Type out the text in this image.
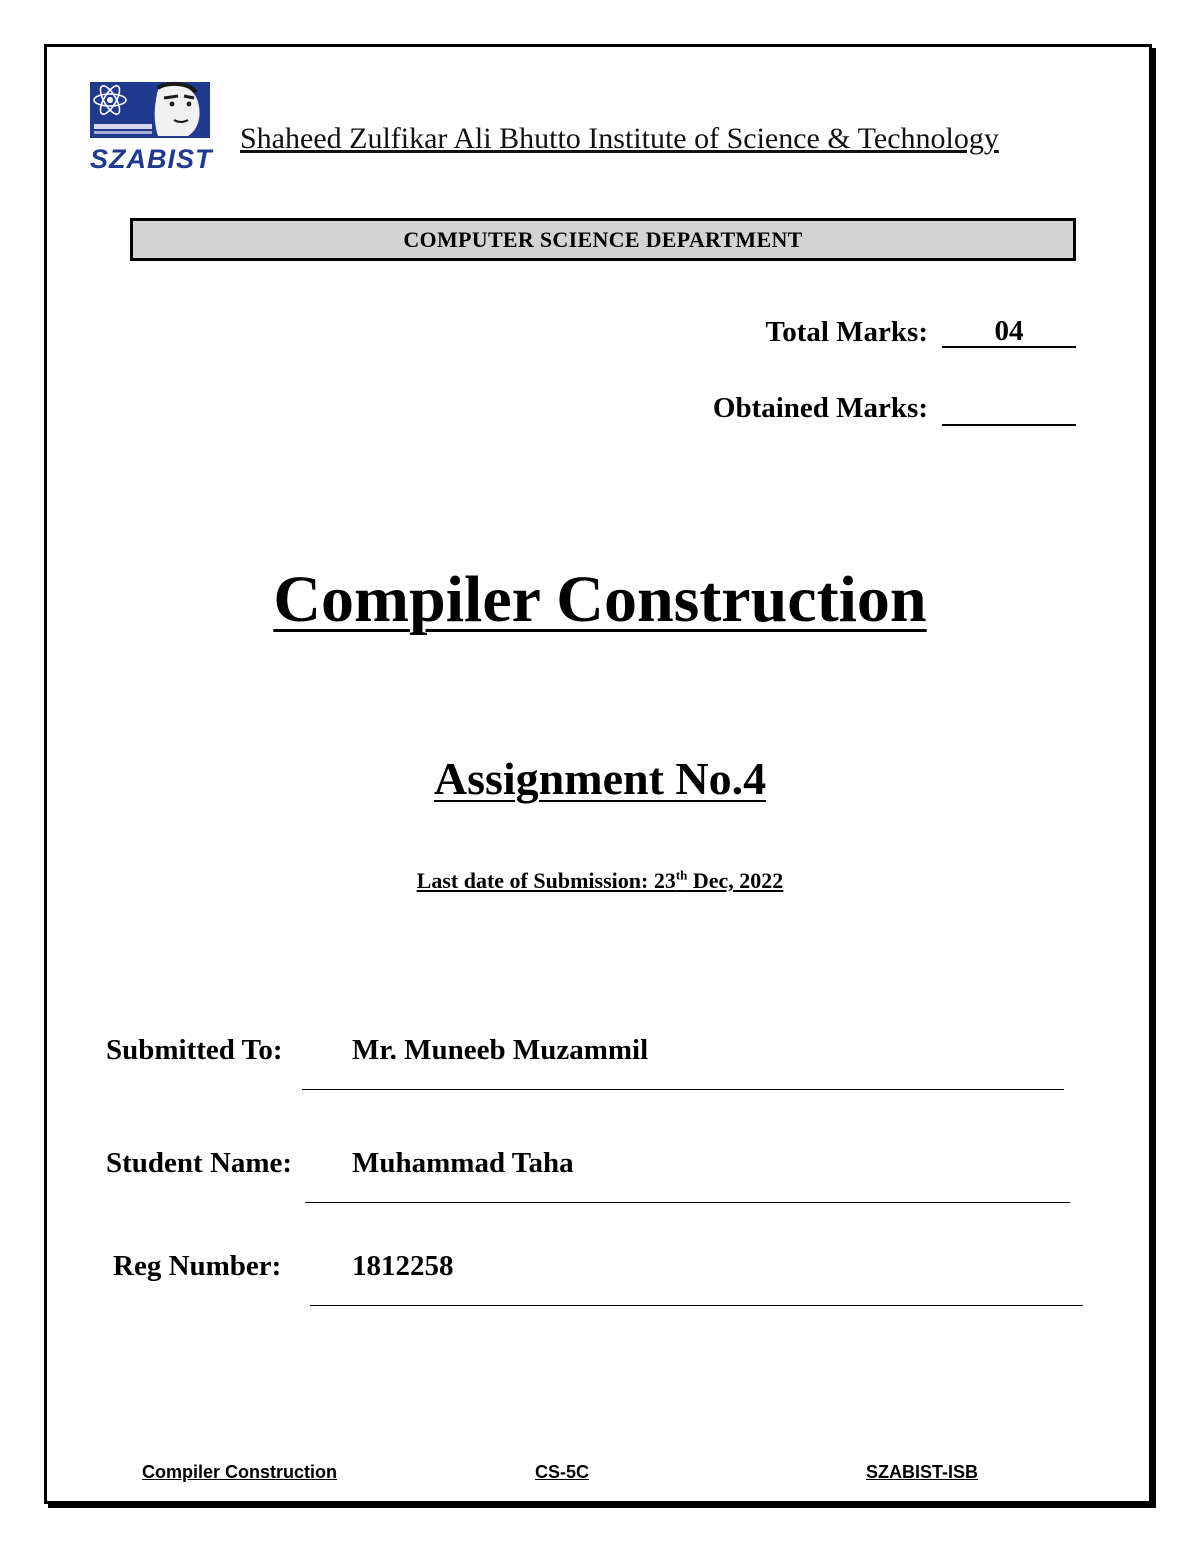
SZABIST
Shaheed Zulfikar Ali Bhutto Institute of Science & Technology
COMPUTER SCIENCE DEPARTMENT
Total Marks:	04
Obtained Marks:
Compiler Construction
Assignment No.4
Last date of Submission: 23th Dec, 2022
Submitted To: Mr. Muneeb Muzammil
Student Name: Muhammad Taha
Reg Number: 1812258
Compiler Construction	CS-5C	SZABIST-ISB
